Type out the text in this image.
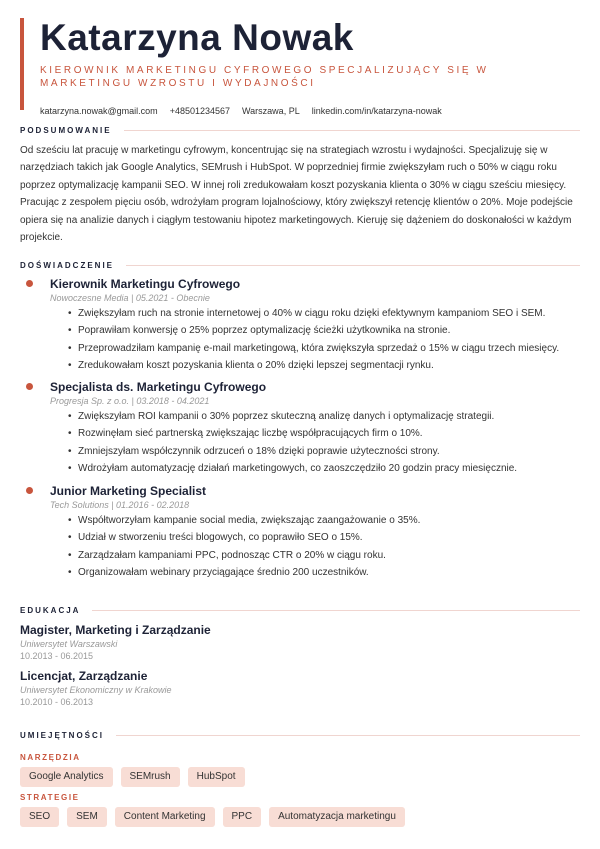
Katarzyna Nowak
KIEROWNIK MARKETINGU CYFROWEGO SPECJALIZUJĄCY SIĘ W MARKETINGU WZROSTU I WYDAJNOŚCI
katarzyna.nowak@gmail.com +48501234567 Warszawa, PL linkedin.com/in/katarzyna-nowak
PODSUMOWANIE
Od sześciu lat pracuję w marketingu cyfrowym, koncentrując się na strategiach wzrostu i wydajności. Specjalizuję się w narzędziach takich jak Google Analytics, SEMrush i HubSpot. W poprzedniej firmie zwiększyłam ruch o 50% w ciągu roku poprzez optymalizację kampanii SEO. W innej roli zredukowałam koszt pozyskania klienta o 30% w ciągu sześciu miesięcy. Pracując z zespołem pięciu osób, wdrożyłam program lojalnościowy, który zwiększył retencję klientów o 20%. Moje podejście opiera się na analizie danych i ciągłym testowaniu hipotez marketingowych. Kieruję się dążeniem do doskonałości w każdym projekcie.
DOŚWIADCZENIE
Kierownik Marketingu Cyfrowego
Nowoczesne Media | 05.2021 - Obecnie
• Zwiększyłam ruch na stronie internetowej o 40% w ciągu roku dzięki efektywnym kampaniom SEO i SEM.
• Poprawiłam konwersję o 25% poprzez optymalizację ścieżki użytkownika na stronie.
• Przeprowadziłam kampanię e-mail marketingową, która zwiększyła sprzedaż o 15% w ciągu trzech miesięcy.
• Zredukowałam koszt pozyskania klienta o 20% dzięki lepszej segmentacji rynku.
Specjalista ds. Marketingu Cyfrowego
Progresja Sp. z o.o. | 03.2018 - 04.2021
• Zwiększyłam ROI kampanii o 30% poprzez skuteczną analizę danych i optymalizację strategii.
• Rozwinęłam sieć partnerską zwiększając liczbę współpracujących firm o 10%.
• Zmniejszyłam współczynnik odrzuceń o 18% dzięki poprawie użyteczności strony.
• Wdrożyłam automatyzację działań marketingowych, co zaoszczędziło 20 godzin pracy miesięcznie.
Junior Marketing Specialist
Tech Solutions | 01.2016 - 02.2018
• Współtworzyłam kampanie social media, zwiększając zaangażowanie o 35%.
• Udział w stworzeniu treści blogowych, co poprawiło SEO o 15%.
• Zarządzałam kampaniami PPC, podnosząc CTR o 20% w ciągu roku.
• Organizowałam webinary przyciągające średnio 200 uczestników.
EDUKACJA
Magister, Marketing i Zarządzanie
Uniwersytet Warszawski
10.2013 - 06.2015
Licencjat, Zarządzanie
Uniwersytet Ekonomiczny w Krakowie
10.2010 - 06.2013
UMIEJĘTNOŚCI
NARZĘDZIA
Google Analytics	SEMrush	HubSpot
STRATEGIE
SEO	SEM	Content Marketing	PPC	Automatyzacja marketingu
